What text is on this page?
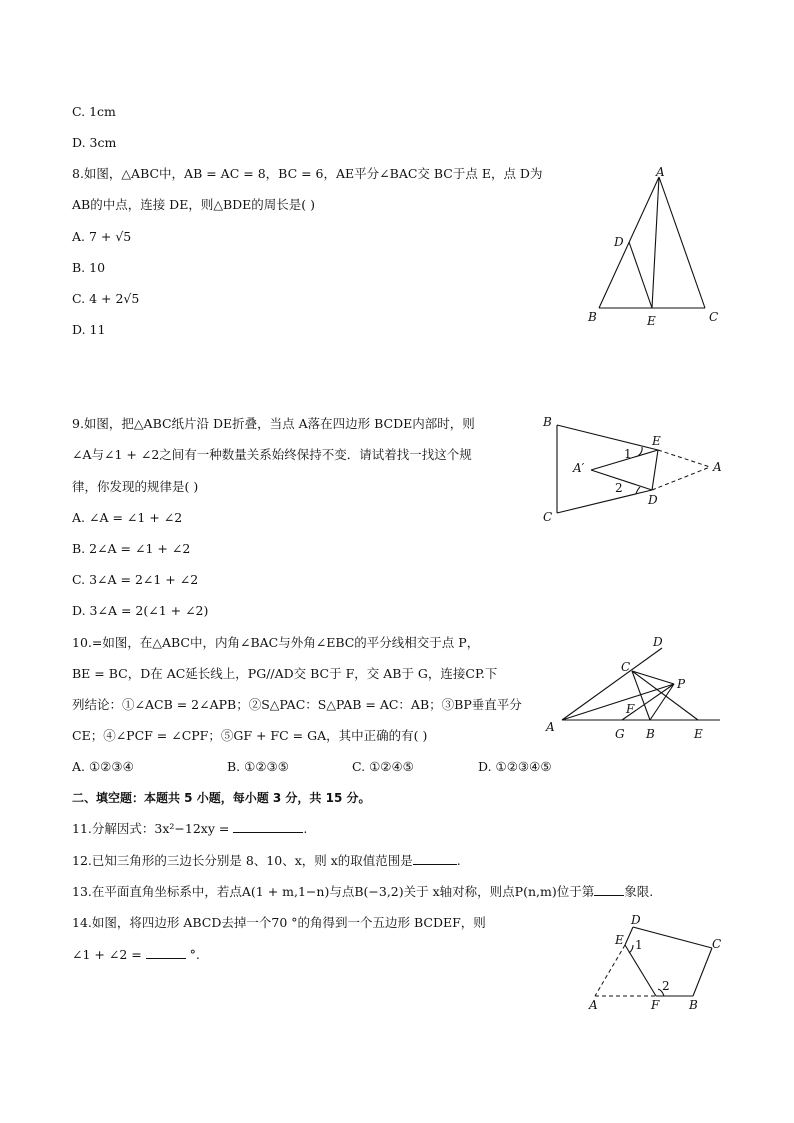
C. 1cm
D. 3cm
8.如图，△ABC中，AB = AC = 8，BC = 6，AE平分∠BAC交 BC于点 E，点 D为
AB的中点，连接 DE，则△BDE的周长是( )
A. 7 + √5
B. 10
C. 4 + 2√5
D. 11
A
B	C
D
E
9.如图，把△ABC纸片沿 DE折叠，当点 A落在四边形 BCDE内部时，则
∠A与∠1 + ∠2之间有一种数量关系始终保持不变．请试着找一找这个规
律，你发现的规律是( )
A. ∠A = ∠1 + ∠2
B. 2∠A = ∠1 + ∠2
C. 3∠A = 2∠1 + ∠2
D. 3∠A = 2(∠1 + ∠2)
B
C
E
D
A
A′
1
2
10.=如图，在△ABC中，内角∠BAC与外角∠EBC的平分线相交于点 P，
BE = BC，D在 AC延长线上，PG//AD交 BC于 F，交 AB于 G，连接CP.下
列结论：①∠ACB = 2∠APB；②S△PAC：S△PAB = AC：AB；③BP垂直平分
CE；④∠PCF = ∠CPF；⑤GF + FC = GA，其中正确的有( )
A. ①②③④	B. ①②③⑤	C. ①②④⑤	D. ①②③④⑤
D
C
P
F
A	G B	E
二、填空题：本题共 5 小题，每小题 3 分，共 15 分。
11.分解因式：3x²−12xy =	.
12.已知三角形的三边长分别是 8、10、x，则 x的取值范围是	.
13.在平面直角坐标系中，若点A(1 + m,1−n)与点B(−3,2)关于 x轴对称，则点P(n,m)位于第 象限.
14.如图，将四边形 ABCD去掉一个70 °的角得到一个五边形 BCDEF，则
∠1 + ∠2 =	°.
D
C
E
A	F B
1
2
